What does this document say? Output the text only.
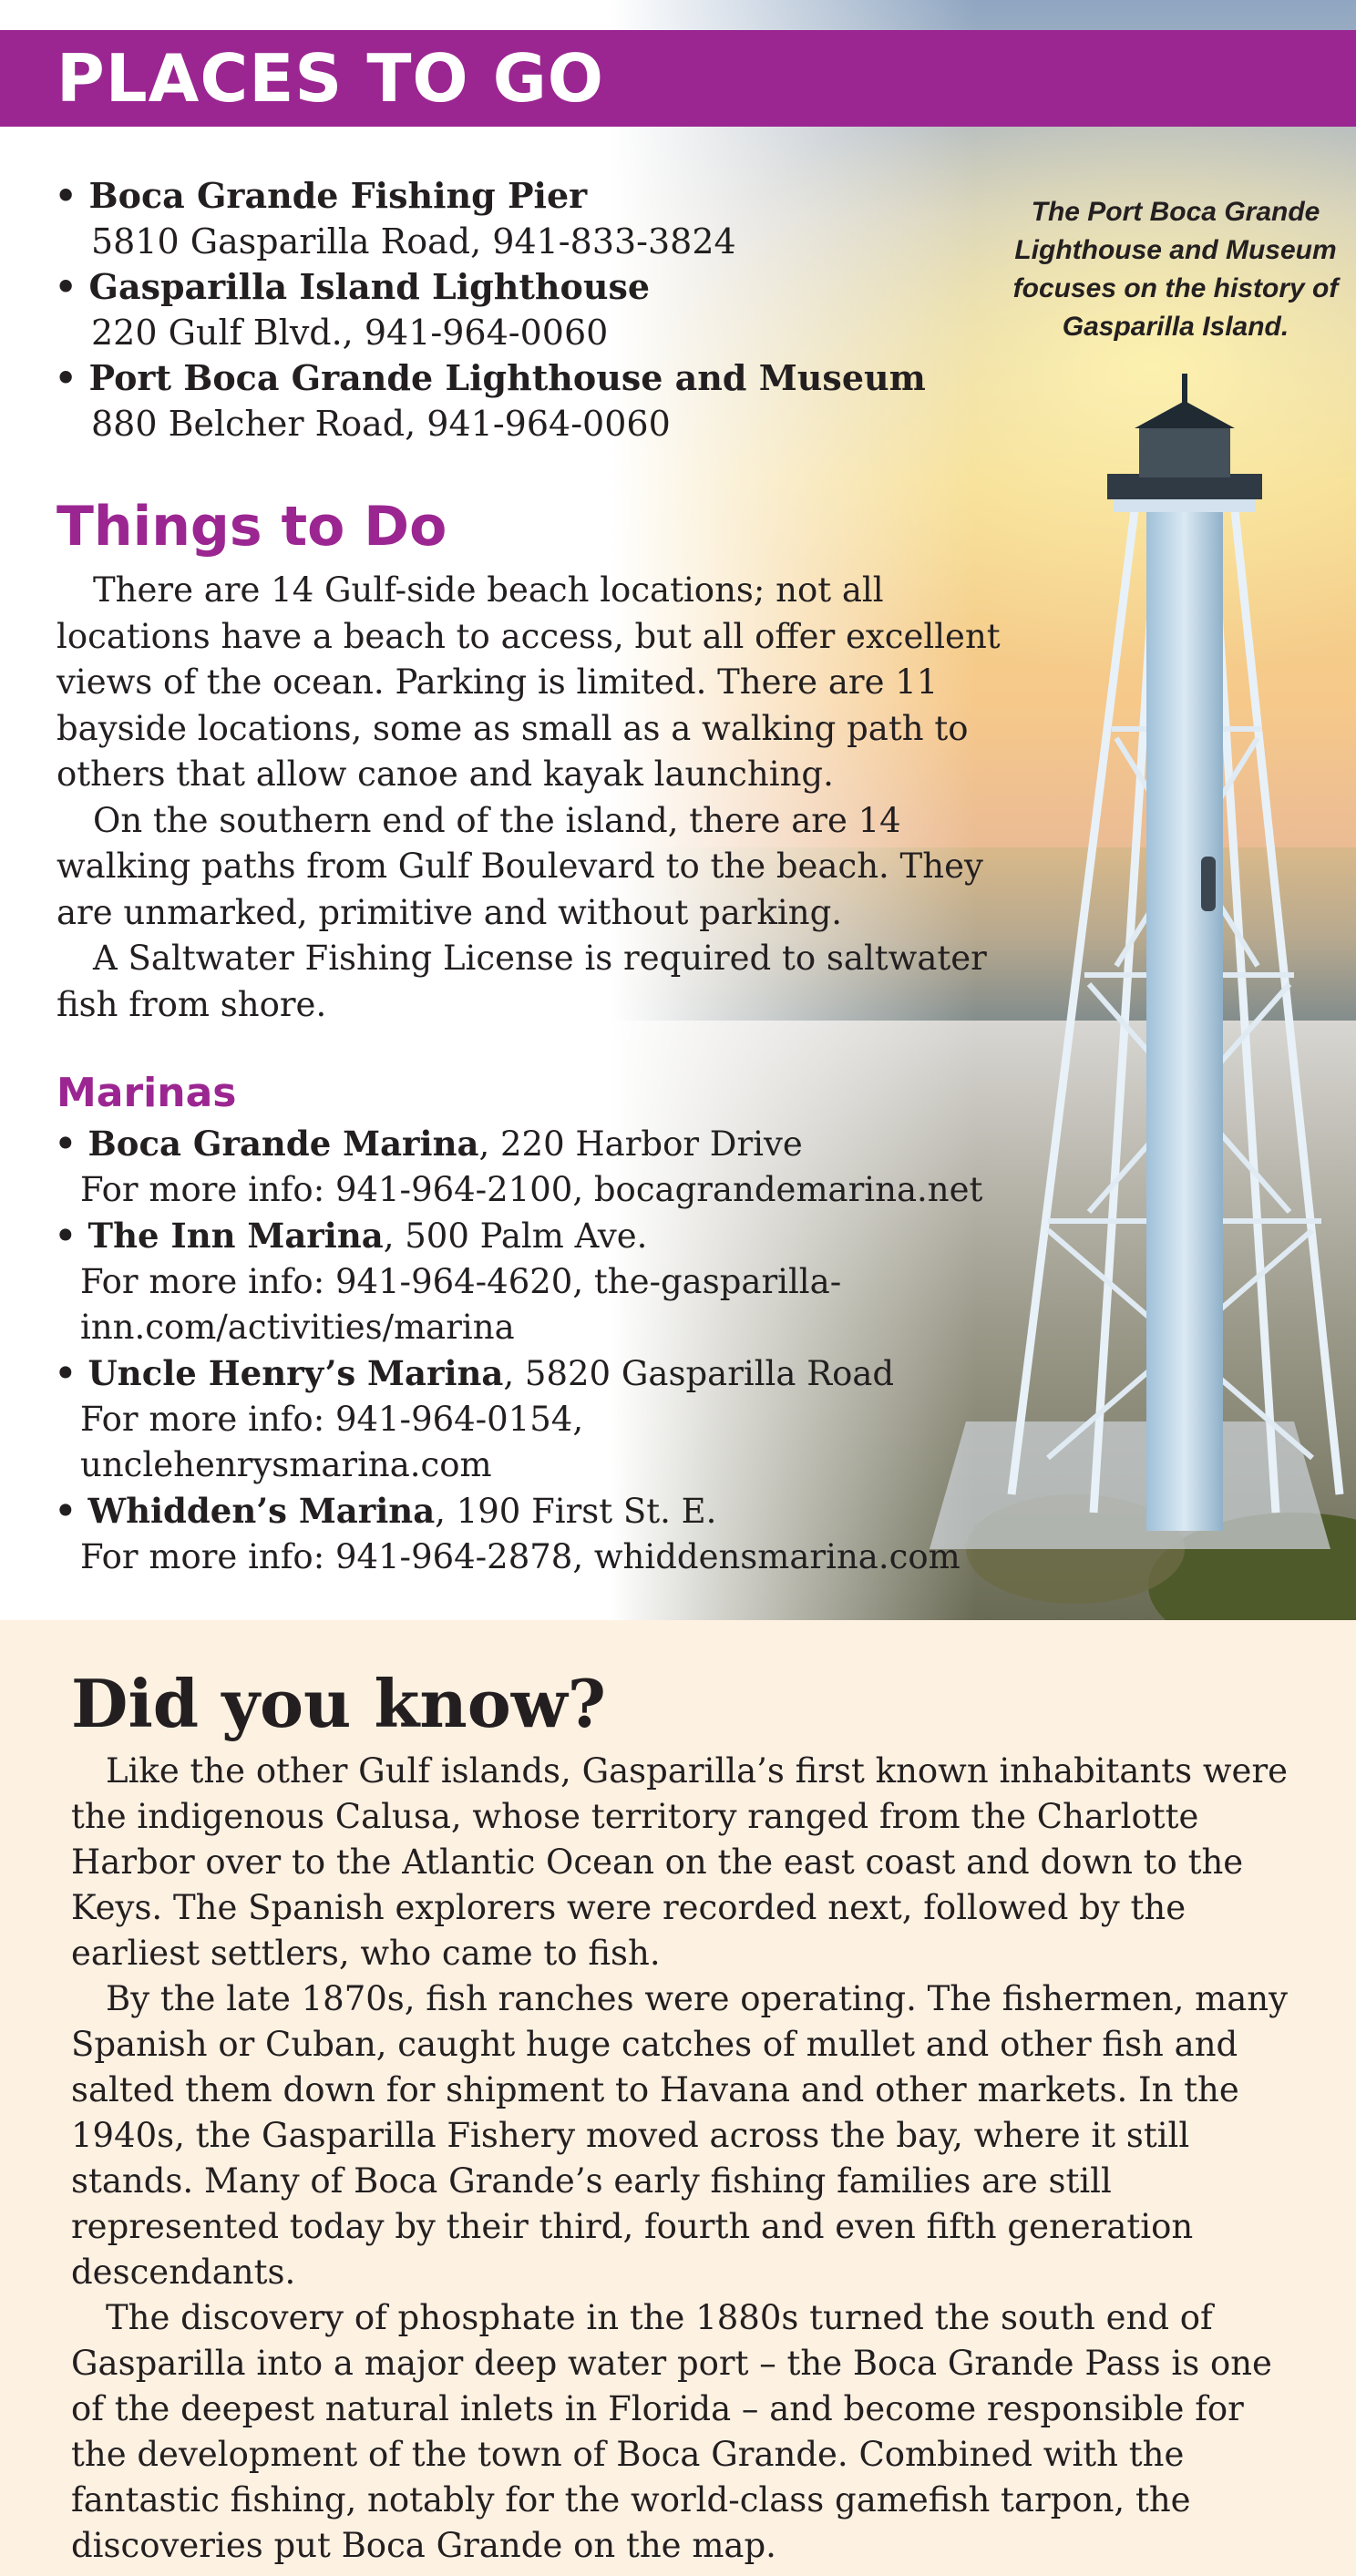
PLACES TO GO
The Port Boca Grande Lighthouse and Museum focuses on the history of Gasparilla Island.
• Boca Grande Fishing Pier
5810 Gasparilla Road, 941-833-3824
• Gasparilla Island Lighthouse
220 Gulf Blvd., 941-964-0060
• Port Boca Grande Lighthouse and Museum
880 Belcher Road, 941-964-0060
Things to Do

There are 14 Gulf-side beach locations; not all locations have a beach to access, but all offer excellent views of the ocean. Parking is limited. There are 11 bayside locations, some as small as a walking path to others that allow canoe and kayak launching.

On the southern end of the island, there are 14 walking paths from Gulf Boulevard to the beach. They are unmarked, primitive and without parking.

A Saltwater Fishing License is required to saltwater fish from shore.

Marinas
• Boca Grande Marina, 220 Harbor Drive
For more info: 941-964-2100, bocagrandemarina.net
• The Inn Marina, 500 Palm Ave.
For more info: 941-964-4620, the-gasparilla-inn.com/activities/marina
• Uncle Henry’s Marina, 5820 Gasparilla Road
For more info: 941-964-0154, unclehenrysmarina.com
• Whidden’s Marina, 190 First St. E.
For more info: 941-964-2878, whiddensmarina.com
Did you know?

Like the other Gulf islands, Gasparilla’s first known inhabitants were the indigenous Calusa, whose territory ranged from the Charlotte Harbor over to the Atlantic Ocean on the east coast and down to the Keys. The Spanish explorers were recorded next, followed by the earliest settlers, who came to fish.

By the late 1870s, fish ranches were operating. The fishermen, many Spanish or Cuban, caught huge catches of mullet and other fish and salted them down for shipment to Havana and other markets. In the 1940s, the Gasparilla Fishery moved across the bay, where it still stands. Many of Boca Grande’s early fishing families are still represented today by their third, fourth and even fifth generation descendants.

The discovery of phosphate in the 1880s turned the south end of Gasparilla into a major deep water port – the Boca Grande Pass is one of the deepest natural inlets in Florida – and become responsible for the development of the town of Boca Grande. Combined with the fantastic fishing, notably for the world-class gamefish tarpon, the discoveries put Boca Grande on the map.
